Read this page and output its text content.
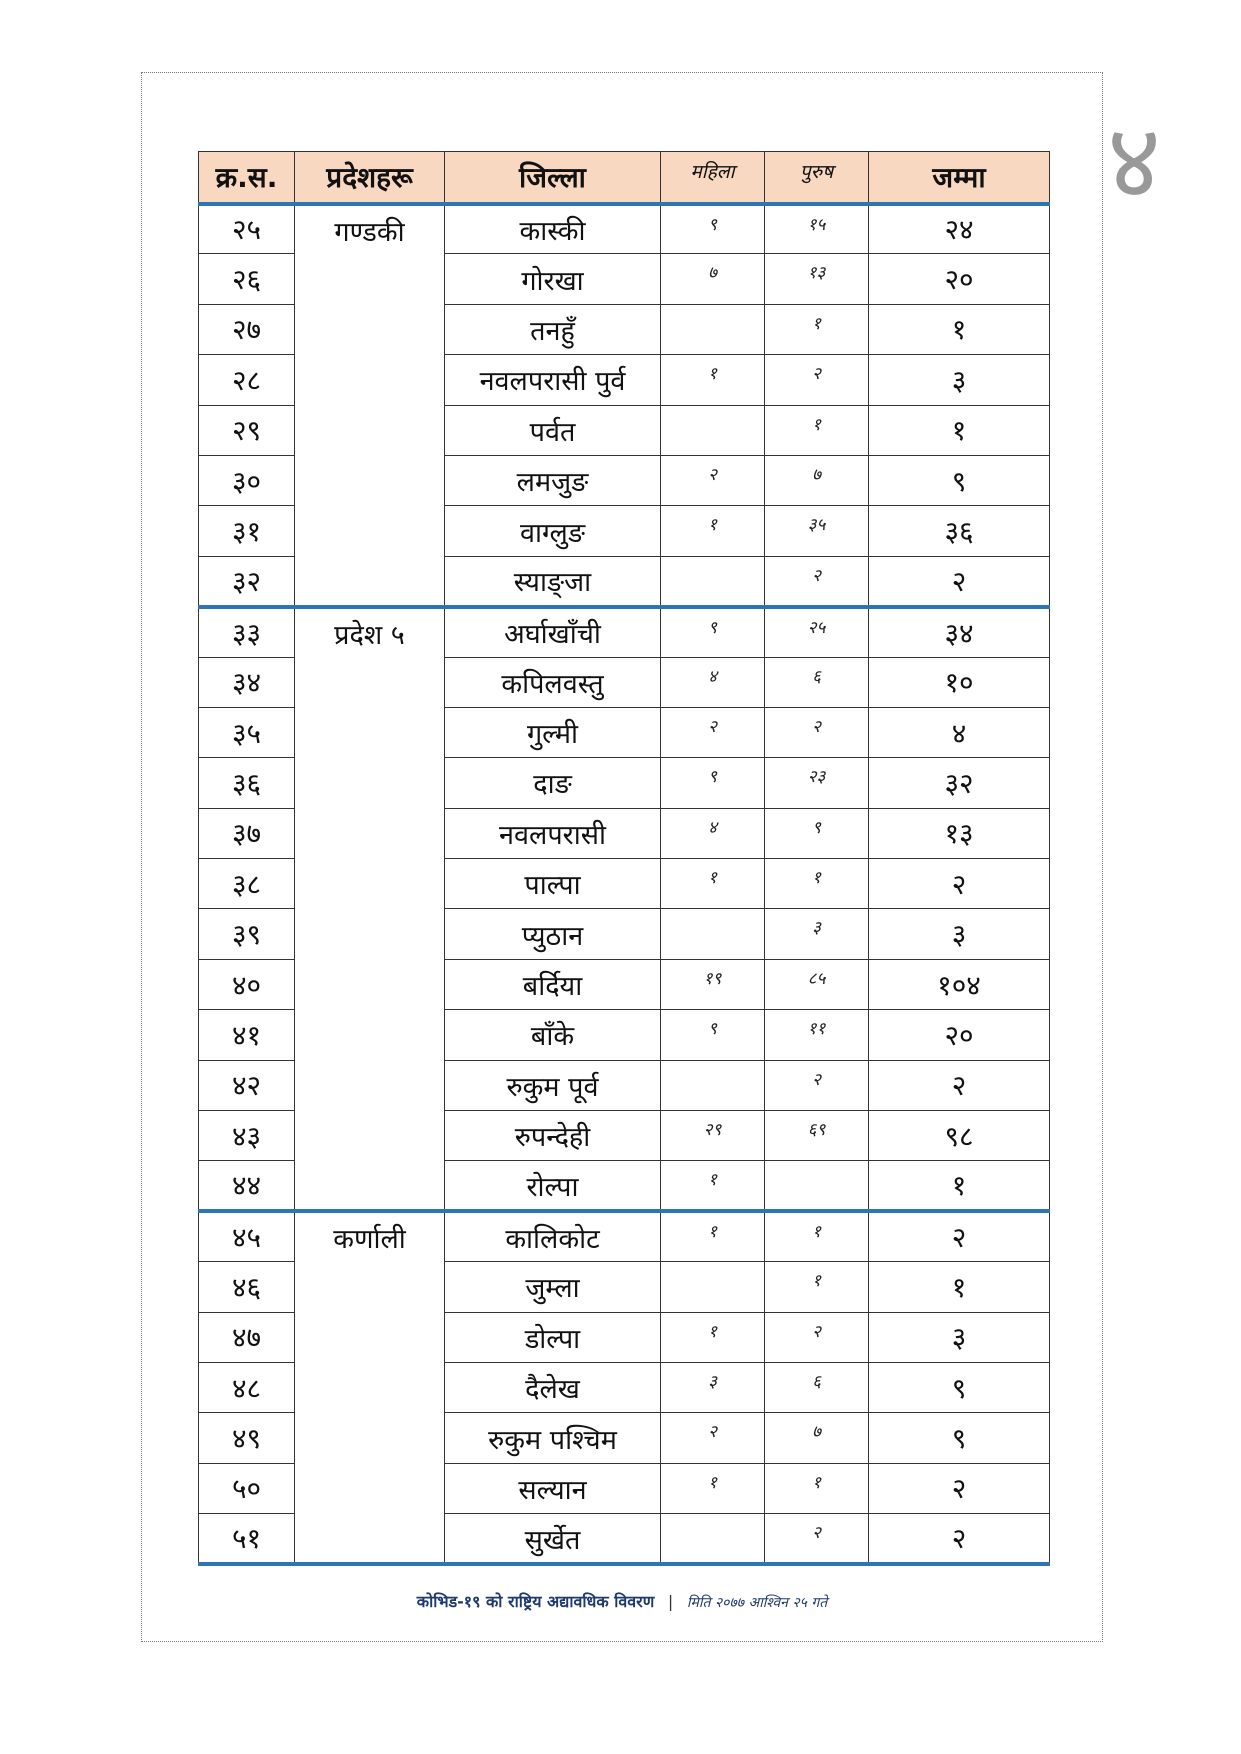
४
क्र.स.	प्रदेशहरू	जिल्ला	महिला	पुरुष	जम्मा
२५	गण्डकी	कास्की	९	१५	२४
२६		गोरखा	७	१३	२०
२७		तनहुँ		१	१
२८		नवलपरासी पुर्व	१	२	३
२९		पर्वत		१	१
३०		लमजुङ	२	७	९
३१		वाग्लुङ	१	३५	३६
३२		स्याङ्जा		२	२
३३	प्रदेश ५	अर्घाखाँची	९	२५	३४
३४		कपिलवस्तु	४	६	१०
३५		गुल्मी	२	२	४
३६		दाङ	९	२३	३२
३७		नवलपरासी	४	९	१३
३८		पाल्पा	१	१	२
३९		प्युठान		३	३
४०		बर्दिया	१९	८५	१०४
४१		बाँके	९	११	२०
४२		रुकुम पूर्व		२	२
४३		रुपन्देही	२९	६९	९८
४४		रोल्पा	१		१
४५	कर्णाली	कालिकोट	१	१	२
४६		जुम्ला		१	१
४७		डोल्पा	१	२	३
४८		दैलेख	३	६	९
४९		रुकुम पश्चिम	२	७	९
५०		सल्यान	१	१	२
५१		सुर्खेत		२	२
कोभिड-१९ को राष्ट्रिय अद्यावधिक विवरण | मिति २०७७ आश्विन २५ गते
